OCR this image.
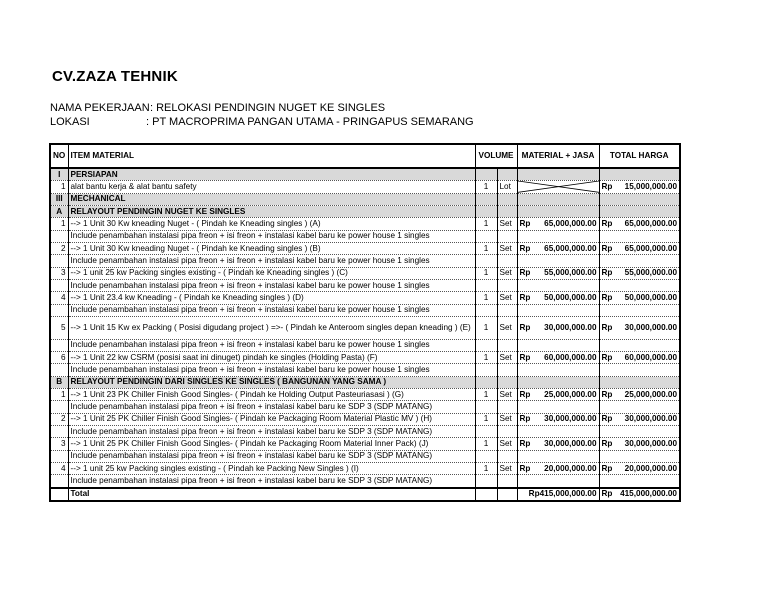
CV.ZAZA TEHNIK
NAMA PEKERJAAN: RELOKASI PENDINGIN NUGET KE SINGLES
LOKASI	: PT MACROPRIMA PANGAN UTAMA - PRINGAPUS SEMARANG
NO	ITEM MATERIAL	VOLUME		MATERIAL + JASA	TOTAL HARGA
I	PERSIAPAN				
1	alat bantu kerja & alat bantu safety	1	Lot		Rp 15,000,000.00

III	MECHANICAL				
A	RELAYOUT PENDINGIN NUGET KE SINGLES				
1	--> 1 Unit 30 Kw kneading Nuget - ( Pindah ke Kneading singles ) (A)	1	Set	Rp 65,000,000.00	Rp 65,000,000.00

	Include penambahan instalasi pipa freon + isi freon + instalasi kabel baru ke power house 1 singles				
2	--> 1 Unit 30 Kw kneading Nuget - ( Pindah ke Kneading singles ) (B)	1	Set	Rp 65,000,000.00	Rp 65,000,000.00

	Include penambahan instalasi pipa freon + isi freon + instalasi kabel baru ke power house 1 singles				
3	--> 1 unit 25 kw Packing singles existing - ( Pindah ke Kneading singles ) (C)	1	Set	Rp 55,000,000.00	Rp 55,000,000.00

	Include penambahan instalasi pipa freon + isi freon + instalasi kabel baru ke power house 1 singles				
4	--> 1 Unit 23.4 kw Kneading - ( Pindah ke Kneading singles ) (D)	1	Set	Rp 50,000,000.00	Rp 50,000,000.00

	Include penambahan instalasi pipa freon + isi freon + instalasi kabel baru ke power house 1 singles				
5	--> 1 Unit 15 Kw ex Packing ( Posisi digudang project ) =>- ( Pindah ke Anteroom singles depan kneading ) (E)	1	Set	Rp 30,000,000.00	Rp 30,000,000.00

	Include penambahan instalasi pipa freon + isi freon + instalasi kabel baru ke power house 1 singles				
6	--> 1 Unit 22 kw CSRM (posisi saat ini dinuget) pindah ke singles (Holding Pasta) (F)	1	Set	Rp 60,000,000.00	Rp 60,000,000.00

	Include penambahan instalasi pipa freon + isi freon + instalasi kabel baru ke power house 1 singles				
B	RELAYOUT PENDINGIN DARI SINGLES KE SINGLES ( BANGUNAN YANG SAMA )				
1	--> 1 Unit 23 PK Chiller Finish Good Singles- ( Pindah ke Holding Output Pasteuriasasi ) (G)	1	Set	Rp 25,000,000.00	Rp 25,000,000.00

	Include penambahan instalasi pipa freon + isi freon + instalasi kabel baru ke SDP 3 (SDP MATANG)				
2	--> 1 Unit 25 PK Chiller Finish Good Singles- ( Pindah ke Packaging Room Material Plastic MV ) (H)	1	Set	Rp 30,000,000.00	Rp 30,000,000.00

	Include penambahan instalasi pipa freon + isi freon + instalasi kabel baru ke SDP 3 (SDP MATANG)				
3	--> 1 Unit 25 PK Chiller Finish Good Singles- ( Pindah ke Packaging Room Material Inner Pack) (J)	1	Set	Rp 30,000,000.00	Rp 30,000,000.00

	Include penambahan instalasi pipa freon + isi freon + instalasi kabel baru ke SDP 3 (SDP MATANG)				
4	--> 1 unit 25 kw Packing singles existing - ( Pindah ke Packing New Singles ) (I)	1	Set	Rp 20,000,000.00	Rp 20,000,000.00

	Include penambahan instalasi pipa freon + isi freon + instalasi kabel baru ke SDP 3 (SDP MATANG)				
	Total			Rp415,000,000.00	Rp 415,000,000.00
